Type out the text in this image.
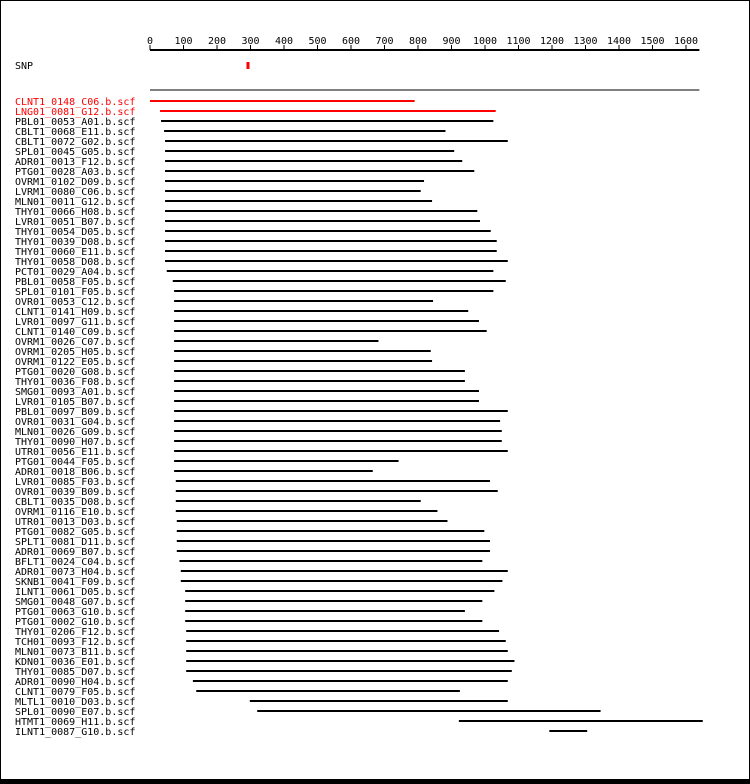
0 100 200 300 400 500 600 700 800 900 1000 1100 1200 1300 1400 1500 1600
SNP
CLNT1_0148_C06.b.scf
LNG01_0081_G12.b.scf
PBL01_0053_A01.b.scf
CBLT1_0068_E11.b.scf
CBLT1_0072_G02.b.scf
SPL01_0045_G05.b.scf
ADR01_0013_F12.b.scf
PTG01_0028_A03.b.scf
OVRM1_0102_D09.b.scf
LVRM1_0080_C06.b.scf
MLN01_0011_G12.b.scf
THY01_0066_H08.b.scf
LVR01_0051_B07.b.scf
THY01_0054_D05.b.scf
THY01_0039_D08.b.scf
THY01_0060_E11.b.scf
THY01_0058_D08.b.scf
PCT01_0029_A04.b.scf
PBL01_0058_F05.b.scf
SPL01_0101_F05.b.scf
OVR01_0053_C12.b.scf
CLNT1_0141_H09.b.scf
LVR01_0097_G11.b.scf
CLNT1_0140_C09.b.scf
OVRM1_0026_C07.b.scf
OVRM1_0205_H05.b.scf
OVRM1_0122_E05.b.scf
PTG01_0020_G08.b.scf
THY01_0036_F08.b.scf
SMG01_0093_A01.b.scf
LVR01_0105_B07.b.scf
PBL01_0097_B09.b.scf
OVR01_0031_G04.b.scf
MLN01_0026_G09.b.scf
THY01_0090_H07.b.scf
UTR01_0056_E11.b.scf
PTG01_0044_F05.b.scf
ADR01_0018_B06.b.scf
LVR01_0085_F03.b.scf
OVR01_0039_B09.b.scf
CBLT1_0035_D08.b.scf
OVRM1_0116_E10.b.scf
UTR01_0013_D03.b.scf
PTG01_0082_G05.b.scf
SPLT1_0081_D11.b.scf
ADR01_0069_B07.b.scf
BFLT1_0024_C04.b.scf
ADR01_0073_H04.b.scf
SKNB1_0041_F09.b.scf
ILNT1_0061_D05.b.scf
SMG01_0048_G07.b.scf
PTG01_0063_G10.b.scf
PTG01_0002_G10.b.scf
THY01_0206_F12.b.scf
TCH01_0093_F12.b.scf
MLN01_0073_B11.b.scf
KDN01_0036_E01.b.scf
THY01_0085_D07.b.scf
ADR01_0090_H04.b.scf
CLNT1_0079_F05.b.scf
MLTL1_0010_D03.b.scf
SPL01_0090_E07.b.scf
HTMT1_0069_H11.b.scf
ILNT1_0087_G10.b.scf
